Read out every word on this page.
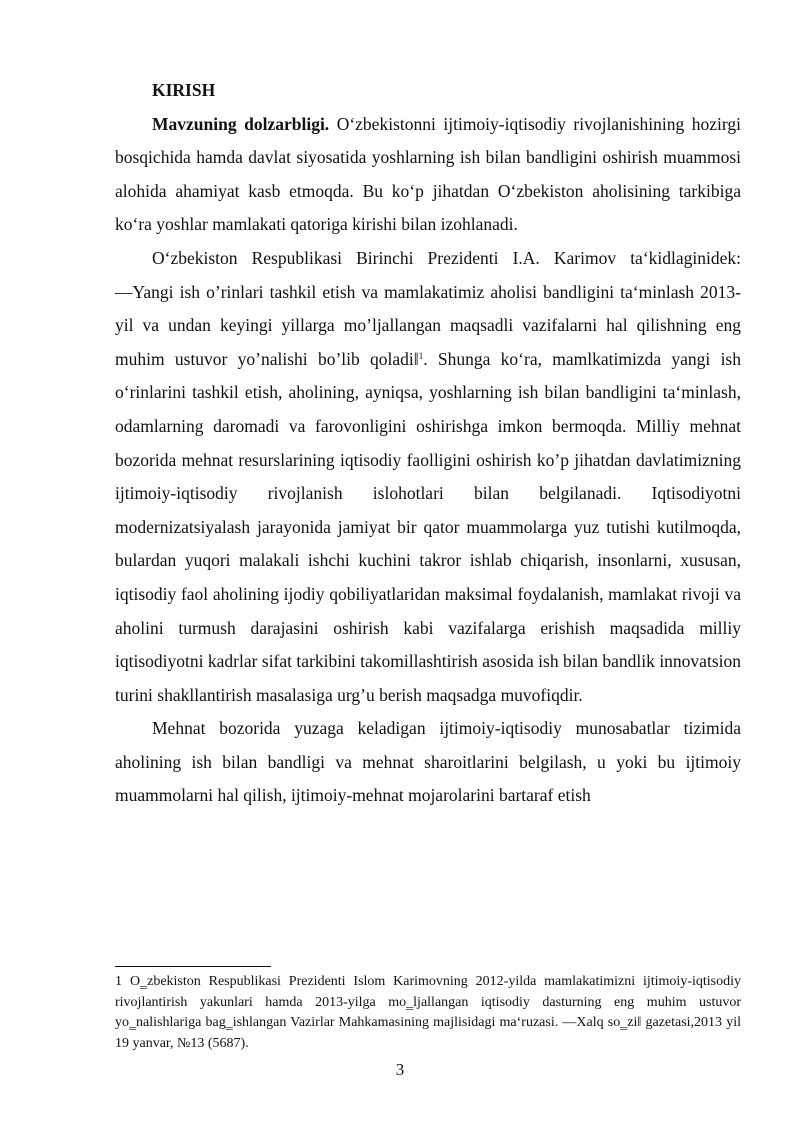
KIRISH

Mavzuning dolzarbligi. O‘zbekistonni ijtimoiy-iqtisodiy rivojlanishining hozirgi bosqichida hamda davlat siyosatida yoshlarning ish bilan bandligini oshirish muammosi alohida ahamiyat kasb etmoqda. Bu ko‘p jihatdan O‘zbekiston aholisining tarkibiga ko‘ra yoshlar mamlakati qatoriga kirishi bilan izohlanadi.

O‘zbekiston Respublikasi Birinchi Prezidenti I.A. Karimov ta‘kidlaginidek: ―Yangi ish o’rinlari tashkil etish va mamlakatimiz aholisi bandligini ta‘minlash 2013-yil va undan keyingi yillarga mo’ljallangan maqsadli vazifalarni hal qilishning eng muhim ustuvor yo’nalishi bo’lib qoladi‖$^1$. Shunga ko‘ra, mamlkatimizda yangi ish o‘rinlarini tashkil etish, aholining, ayniqsa, yoshlarning ish bilan bandligini ta‘minlash, odamlarning daromadi va farovonligini oshirishga imkon bermoqda. Milliy mehnat bozorida mehnat resurslarining iqtisodiy faolligini oshirish ko’p jihatdan davlatimizning ijtimoiy-iqtisodiy rivojlanish islohotlari bilan belgilanadi. Iqtisodiyotni modernizatsiyalash jarayonida jamiyat bir qator muammolarga yuz tutishi kutilmoqda, bulardan yuqori malakali ishchi kuchini takror ishlab chiqarish, insonlarni, xususan, iqtisodiy faol aholining ijodiy qobiliyatlaridan maksimal foydalanish, mamlakat rivoji va aholini turmush darajasini oshirish kabi vazifalarga erishish maqsadida milliy iqtisodiyotni kadrlar sifat tarkibini takomillashtirish asosida ish bilan bandlik innovatsion turini shakllantirish masalasiga urg’u berish maqsadga muvofiqdir.

Mehnat bozorida yuzaga keladigan ijtimoiy-iqtisodiy munosabatlar tizimida aholining ish bilan bandligi va mehnat sharoitlarini belgilash, u yoki bu ijtimoiy muammolarni hal qilish, ijtimoiy-mehnat mojarolarini bartaraf etish

1 O‗zbekiston Respublikasi Prezidenti Islom Karimovning 2012-yilda mamlakatimizni ijtimoiy-iqtisodiy rivojlantirish yakunlari hamda 2013-yilga mo‗ljallangan iqtisodiy dasturning eng muhim ustuvor yo‗nalishlariga bag‗ishlangan Vazirlar Mahkamasining majlisidagi ma‘ruzasi. ―Xalq so‗zi‖ gazetasi,2013 yil 19 yanvar, №13 (5687).
3
